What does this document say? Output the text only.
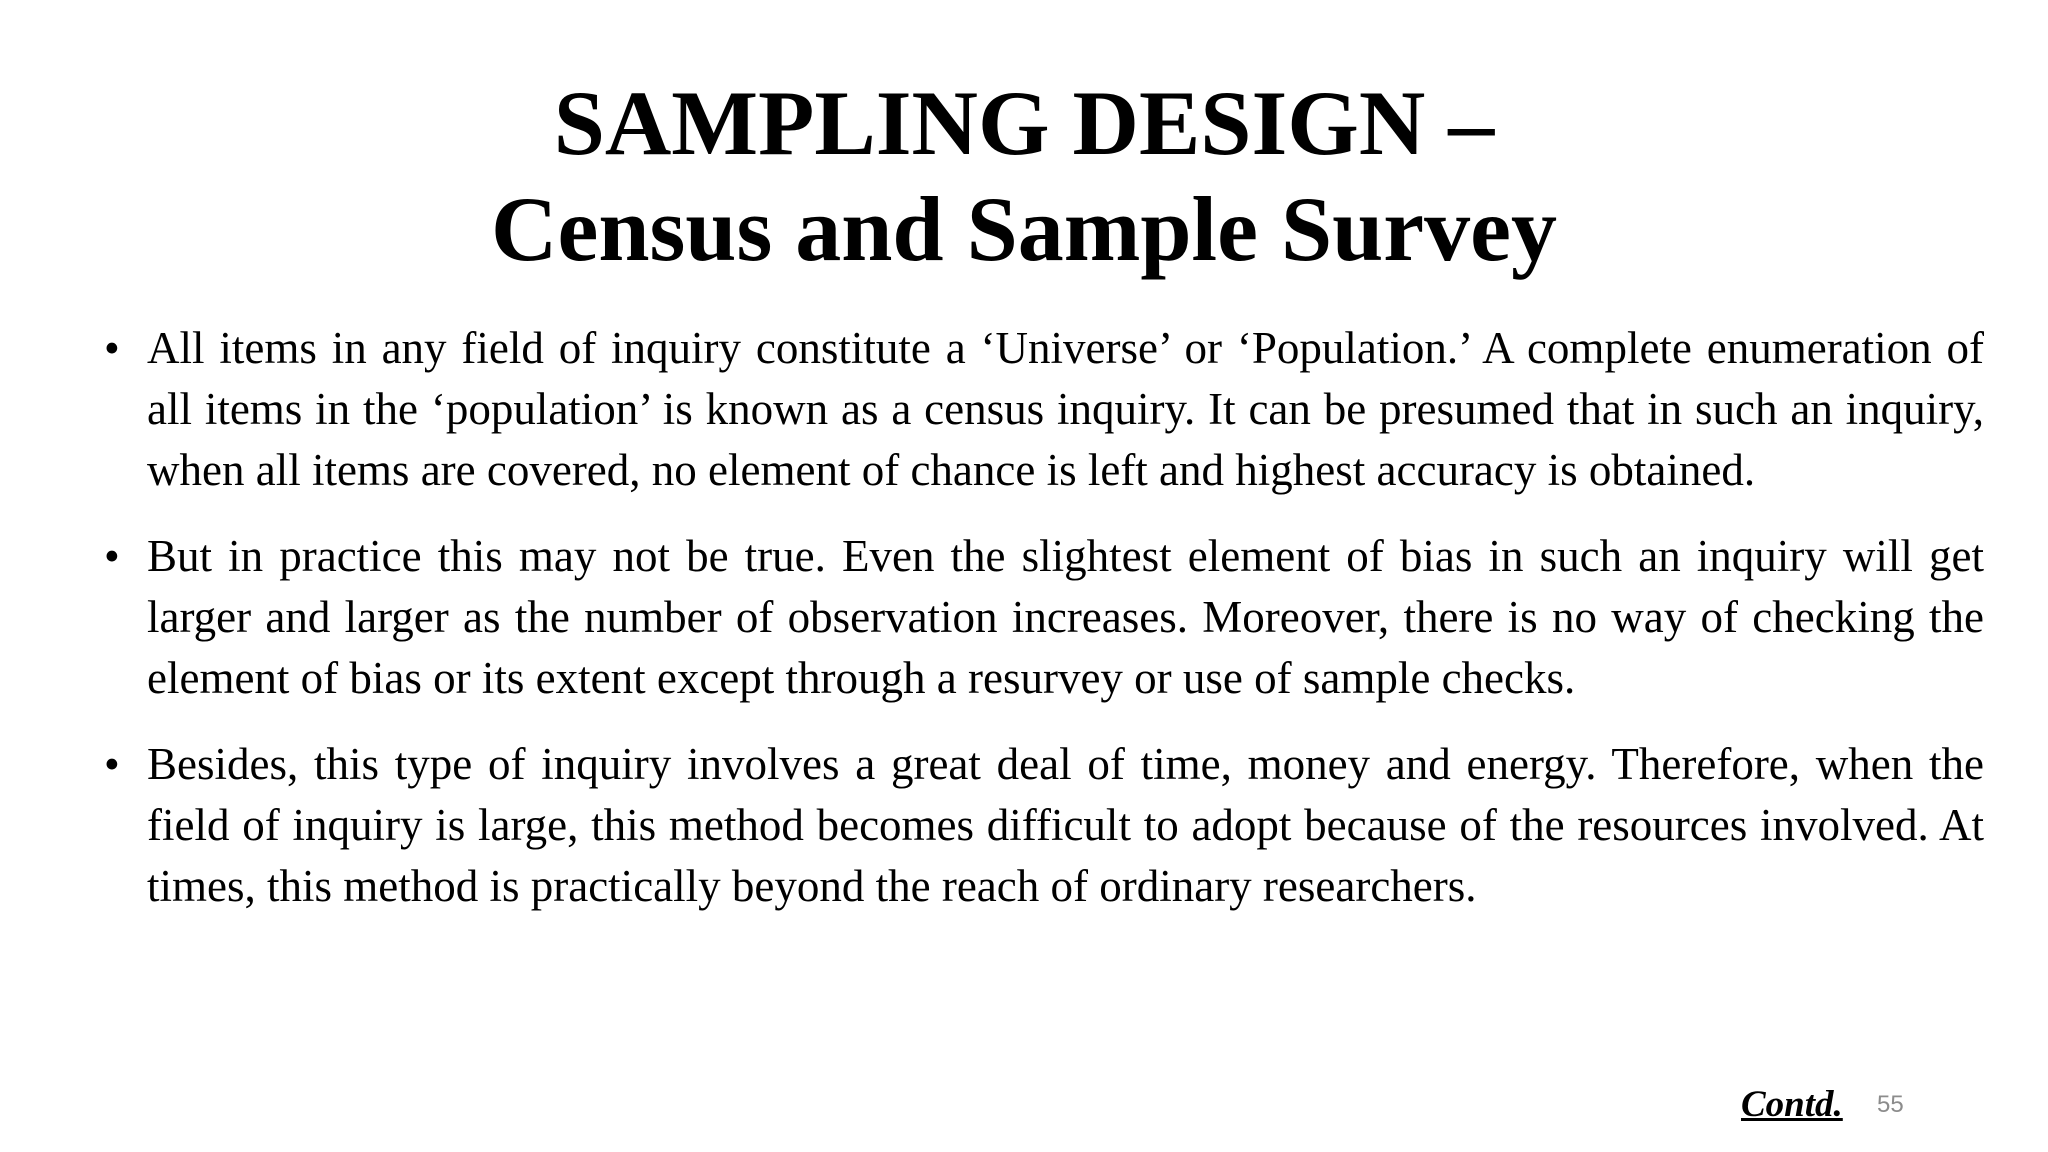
SAMPLING DESIGN –
Census and Sample Survey
• All items in any field of inquiry constitute a ‘Universe’ or ‘Population.’ A complete enumeration of all items in the ‘population’ is known as a census inquiry. It can be presumed that in such an inquiry, when all items are covered, no element of chance is left and highest accuracy is obtained.
• But in practice this may not be true. Even the slightest element of bias in such an inquiry will get larger and larger as the number of observation increases. Moreover, there is no way of checking the element of bias or its extent except through a resurvey or use of sample checks.
• Besides, this type of inquiry involves a great deal of time, money and energy. Therefore, when the field of inquiry is large, this method becomes difficult to adopt because of the resources involved. At times, this method is practically beyond the reach of ordinary researchers.
Contd. 55
